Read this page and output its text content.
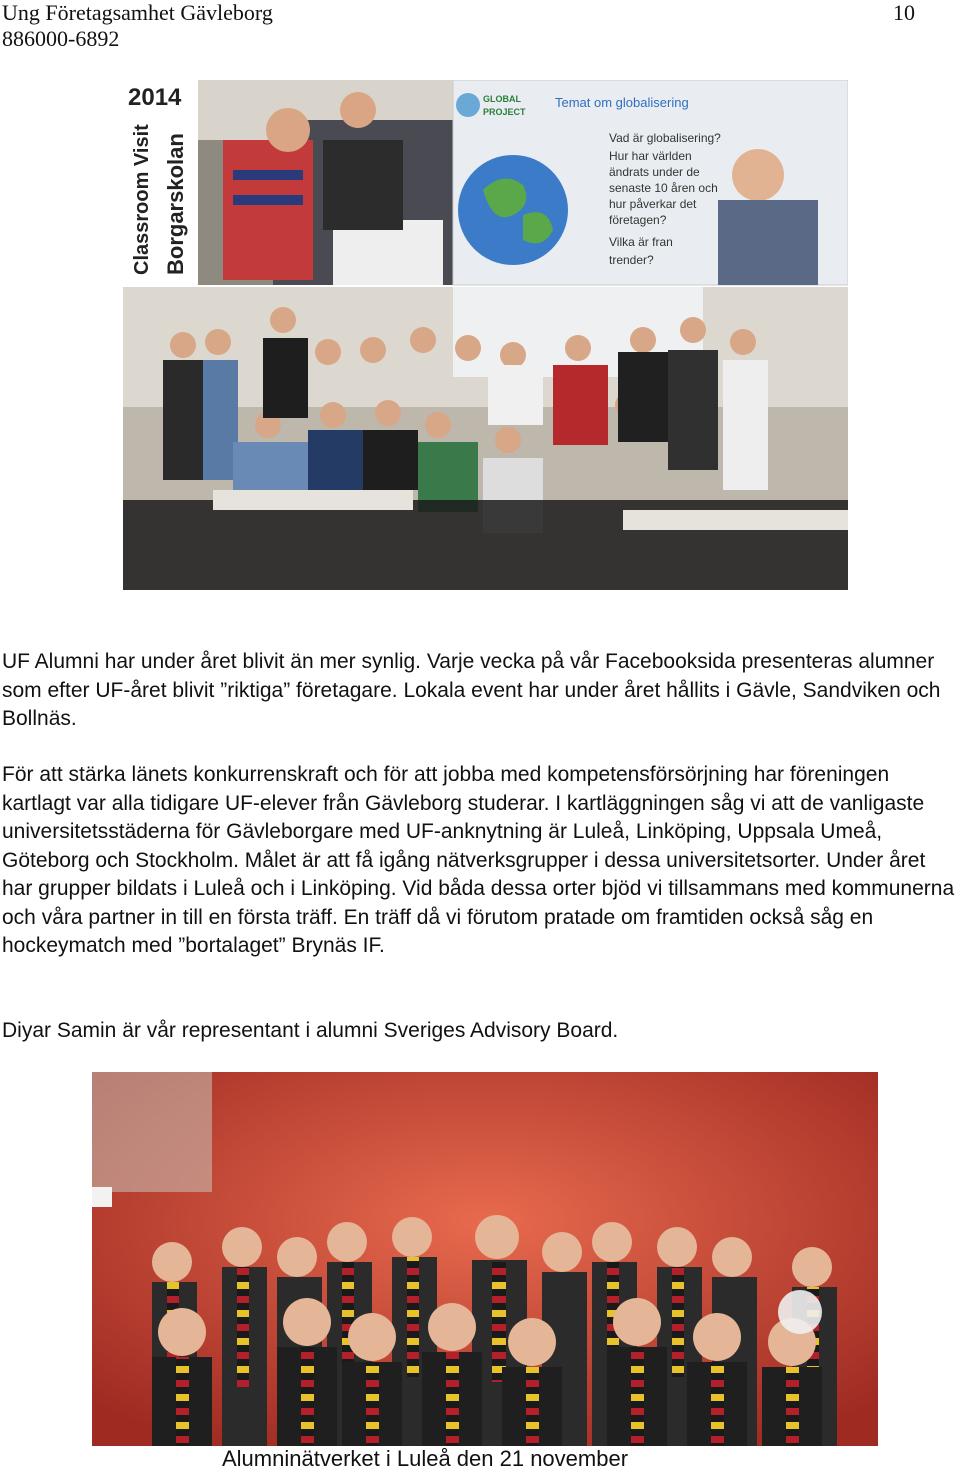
Ung Företagsamhet Gävleborg
886000-6892
10
2014
Classroom Visit Borgarskolan
GLOBAL
PROJECT
Temat om globalisering
Vad är globalisering?
Hur har världen
ändrats under de
senaste 10 åren och
hur påverkar det
företagen?
Vilka är fran
trender?

UF Alumni har under året blivit än mer synlig. Varje vecka på vår Facebooksida presenteras alumner som efter UF-året blivit ”riktiga” företagare. Lokala event har under året hållits i Gävle, Sandviken och Bollnäs.

För att stärka länets konkurrenskraft och för att jobba med kompetensförsörjning har föreningen kartlagt var alla tidigare UF-elever från Gävleborg studerar. I kartläggningen såg vi att de vanligaste universitetsstäderna för Gävleborgare med UF-anknytning är Luleå, Linköping, Uppsala Umeå, Göteborg och Stockholm. Målet är att få igång nätverksgrupper i dessa universitetsorter. Under året har grupper bildats i Luleå och i Linköping. Vid båda dessa orter bjöd vi tillsammans med kommunerna och våra partner in till en första träff. En träff då vi förutom pratade om framtiden också såg en hockeymatch med ”bortalaget” Brynäs IF.

Diyar Samin är vår representant i alumni Sveriges Advisory Board.

Alumninätverket i Luleå den 21 november
